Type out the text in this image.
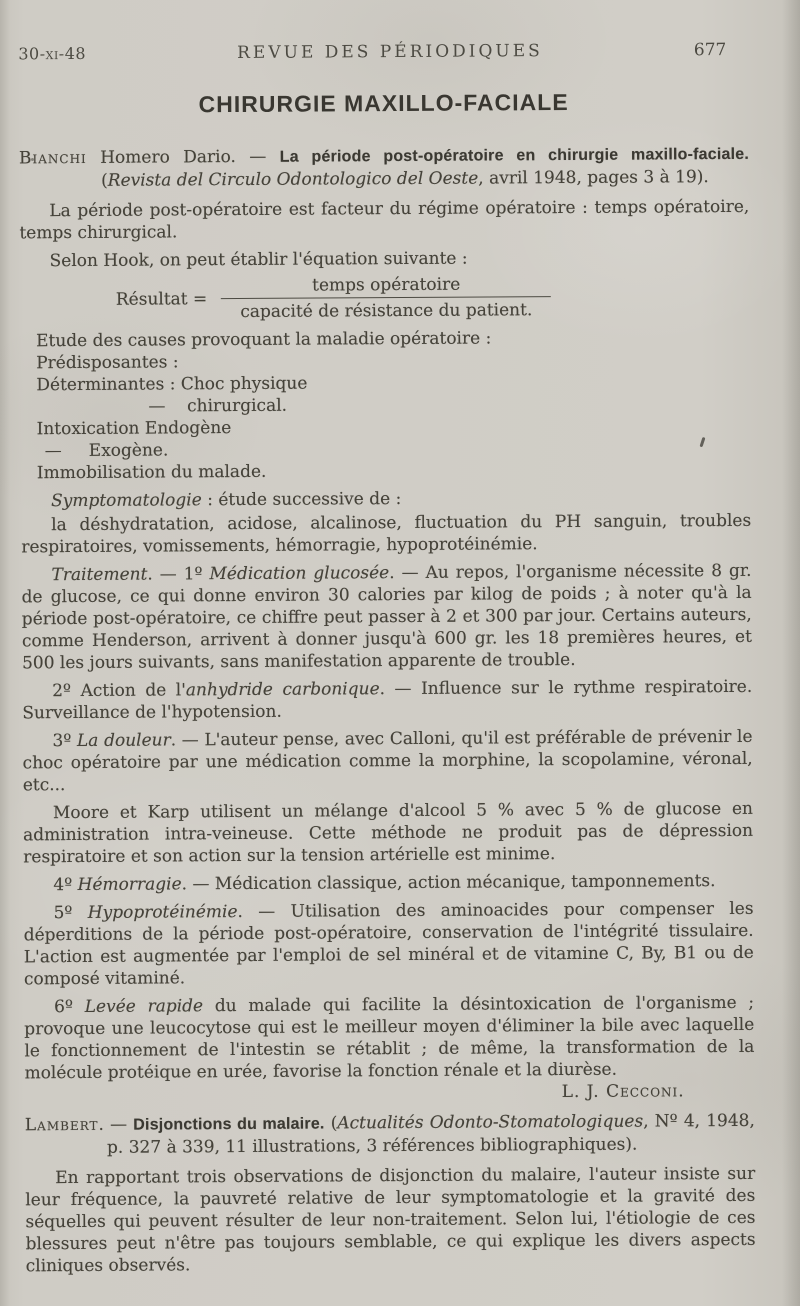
30-xi-48	REVUE DES PÉRIODIQUES	677
CHIRURGIE MAXILLO-FACIALE

Bianchi Homero Dario. — La période post-opératoire en chirurgie maxillo-faciale. (Revista del Circulo Odontologico del Oeste, avril 1948, pages 3 à 19).

La période post-opératoire est facteur du régime opératoire : temps opératoire, temps chirurgical.

Selon Hook, on peut établir l'équation suivante :

Résultat = $\frac{\text{temps opératoire}}{\text{capacité de résistance du patient.}}$
Etude des causes provoquant la maladie opératoire :
Prédisposantes :
Déterminantes : Choc physique
—    chirurgical.
Intoxication Endogène
—     Exogène.
Immobilisation du malade.

Symptomatologie : étude successive de :

la déshydratation, acidose, alcalinose, fluctuation du PH sanguin, troubles respiratoires, vomissements, hémorragie, hypoprotéinémie.

Traitement. — 1º Médication glucosée. — Au repos, l'organisme nécessite 8 gr. de glucose, ce qui donne environ 30 calories par kilog de poids ; à noter qu'à la période post-opératoire, ce chiffre peut passer à 2 et 300 par jour. Certains auteurs, comme Henderson, arrivent à donner jusqu'à 600 gr. les 18 premières heures, et 500 les jours suivants, sans manifestation apparente de trouble.

2º Action de l'anhydride carbonique. — Influence sur le rythme respiratoire. Surveillance de l'hypotension.

3º La douleur. — L'auteur pense, avec Calloni, qu'il est préférable de prévenir le choc opératoire par une médication comme la morphine, la scopolamine, véronal, etc...

Moore et Karp utilisent un mélange d'alcool 5 % avec 5 % de glucose en administration intra-veineuse. Cette méthode ne produit pas de dépression respiratoire et son action sur la tension artérielle est minime.

4º Hémorragie. — Médication classique, action mécanique, tamponnements.

5º Hypoprotéinémie. — Utilisation des aminoacides pour compenser les déperditions de la période post-opératoire, conservation de l'intégrité tissulaire. L'action est augmentée par l'emploi de sel minéral et de vitamine C, By, B1 ou de composé vitaminé.

6º Levée rapide du malade qui facilite la désintoxication de l'organisme ; provoque une leucocytose qui est le meilleur moyen d'éliminer la bile avec laquelle le fonctionnement de l'intestin se rétablit ; de même, la transformation de la molécule protéique en urée, favorise la fonction rénale et la diurèse.
L. J. Cecconi.

Lambert. — Disjonctions du malaire. (Actualités Odonto-Stomatologiques, Nº 4, 1948, p. 327 à 339, 11 illustrations, 3 références bibliographiques).

En rapportant trois observations de disjonction du malaire, l'auteur insiste sur leur fréquence, la pauvreté relative de leur symptomatologie et la gravité des séquelles qui peuvent résulter de leur non-traitement. Selon lui, l'étiologie de ces blessures peut n'être pas toujours semblable, ce qui explique les divers aspects cliniques observés.
